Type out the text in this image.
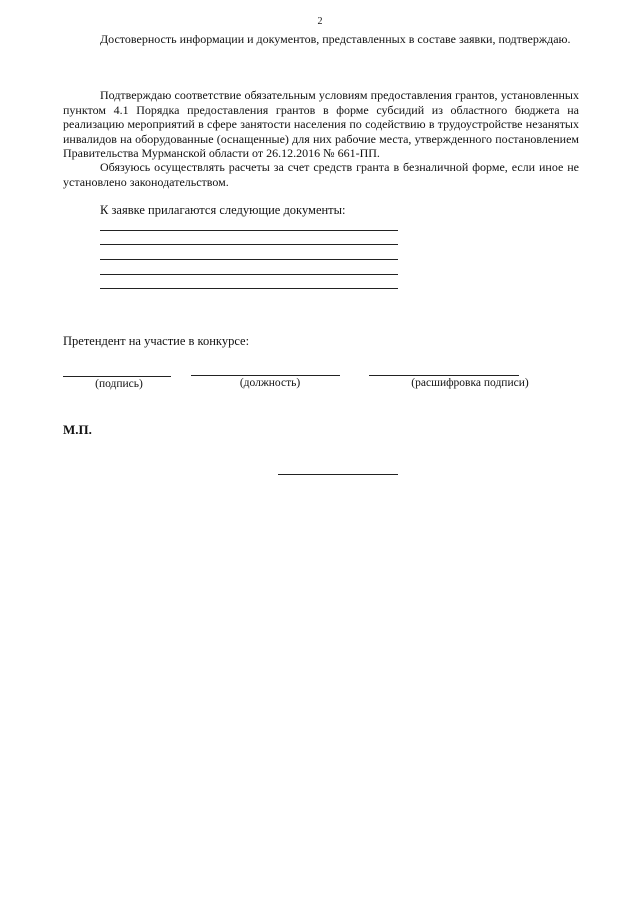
2

Достоверность информации и документов, представленных в составе заявки, подтверждаю.

Подтверждаю соответствие обязательным условиям предоставления грантов, установленных пунктом 4.1 Порядка предоставления грантов в форме субсидий из областного бюджета на реализацию мероприятий в сфере занятости населения по содействию в трудоустройстве незанятых инвалидов на оборудованные (оснащенные) для них рабочие места, утвержденного постановлением Правительства Мурманской области от 26.12.2016 № 661-ПП.

Обязуюсь осуществлять расчеты за счет средств гранта в безналичной форме, если иное не установлено законодательством.

К заявке прилагаются следующие документы:
Претендент на участие в конкурсе:
(подпись)	(должность)	(расшифровка подписи)
М.П.
